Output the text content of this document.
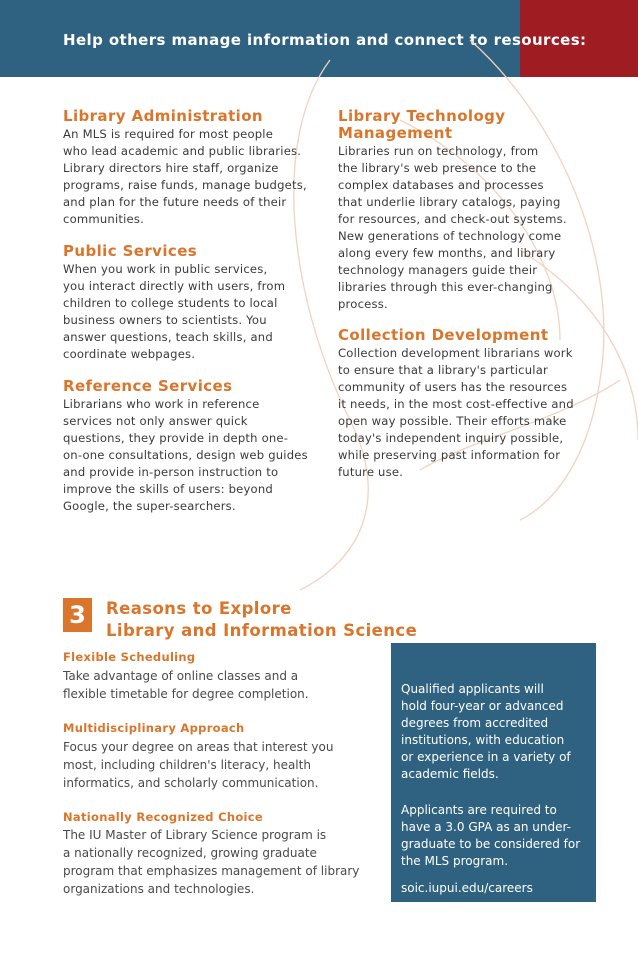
Help others manage information and connect to resources:
Library Administration
An MLS is required for most people
who lead academic and public libraries.
Library directors hire staff, organize
programs, raise funds, manage budgets,
and plan for the future needs of their
communities.
Public Services
When you work in public services,
you interact directly with users, from
children to college students to local
business owners to scientists. You
answer questions, teach skills, and
coordinate webpages.
Reference Services
Librarians who work in reference
services not only answer quick
questions, they provide in depth one-
on-one consultations, design web guides
and provide in-person instruction to
improve the skills of users: beyond
Google, the super-searchers.
Library Technology
Management
Libraries run on technology, from
the library's web presence to the
complex databases and processes
that underlie library catalogs, paying
for resources, and check-out systems.
New generations of technology come
along every few months, and library
technology managers guide their
libraries through this ever-changing
process.
Collection Development
Collection development librarians work
to ensure that a library's particular
community of users has the resources
it needs, in the most cost-effective and
open way possible. Their efforts make
today's independent inquiry possible,
while preserving past information for
future use.
3	Reasons to Explore
Library and Information Science
Flexible Scheduling
Take advantage of online classes and a
flexible timetable for degree completion.
Multidisciplinary Approach
Focus your degree on areas that interest you
most, including children's literacy, health
informatics, and scholarly communication.
Nationally Recognized Choice
The IU Master of Library Science program is
a nationally recognized, growing graduate
program that emphasizes management of library
organizations and technologies.
Qualified applicants will
hold four-year or advanced
degrees from accredited
institutions, with education
or experience in a variety of
academic fields.
Applicants are required to
have a 3.0 GPA as an under-
graduate to be considered for
the MLS program.
soic.iupui.edu/careers
